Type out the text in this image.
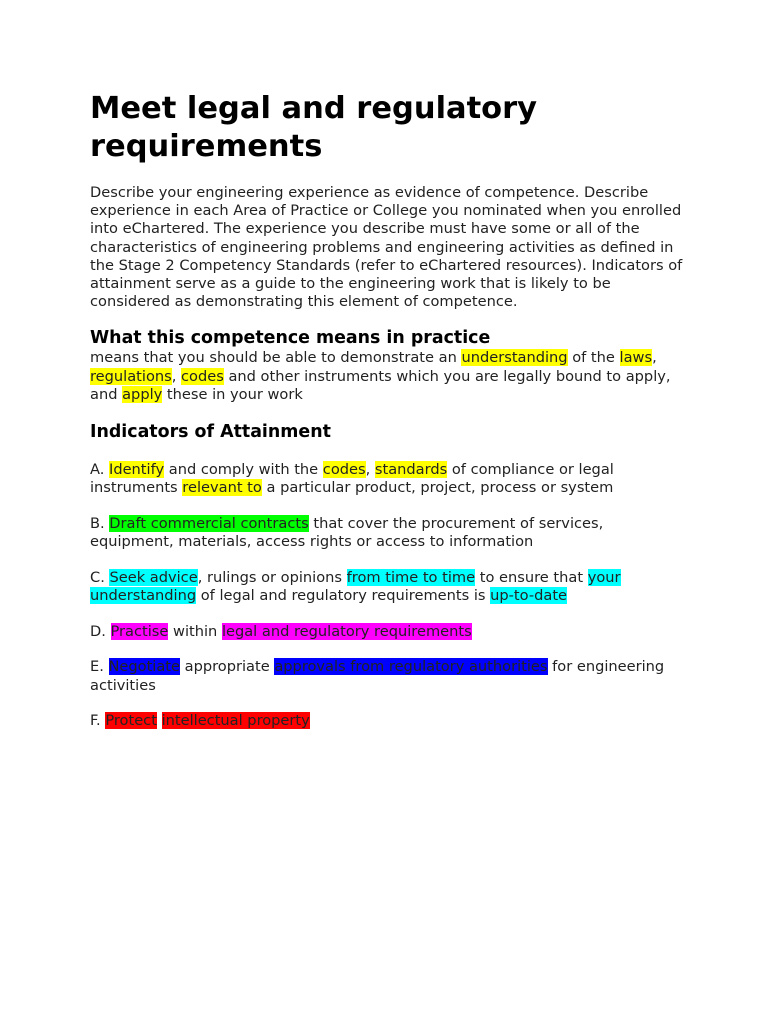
Meet legal and regulatory requirements

Describe your engineering experience as evidence of competence. Describe experience in each Area of Practice or College you nominated when you enrolled into eChartered. The experience you describe must have some or all of the characteristics of engineering problems and engineering activities as defined in the Stage 2 Competency Standards (refer to eChartered resources). Indicators of attainment serve as a guide to the engineering work that is likely to be considered as demonstrating this element of competence.

What this competence means in practice

means that you should be able to demonstrate an understanding of the laws,
regulations, codes and other instruments which you are legally bound to apply, and apply these in your work

Indicators of Attainment

A. Identify and comply with the codes, standards of compliance or legal instruments relevant to a particular product, project, process or system

B. Draft commercial contracts that cover the procurement of services, equipment, materials, access rights or access to information

C. Seek advice, rulings or opinions from time to time to ensure that your understanding of legal and regulatory requirements is up-to-date

D. Practise within legal and regulatory requirements

E. Negotiate appropriate approvals from regulatory authorities for engineering activities

F. Protect intellectual property
